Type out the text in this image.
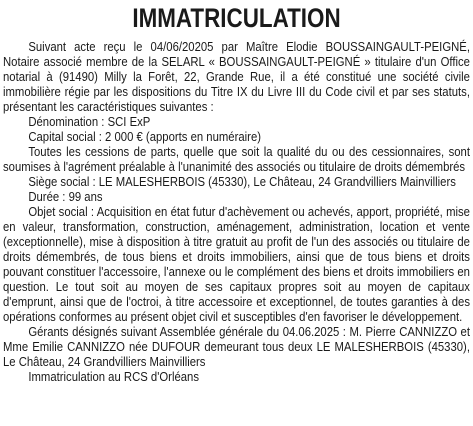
IMMATRICULATION

Suivant acte reçu le 04/06/20205 par Maître Elodie BOUSSAINGAULT-PEIGNÉ, Notaire associé membre de la SELARL « BOUSSAINGAULT-PEIGNÉ » titulaire d'un Office notarial à (91490) Milly la Forêt, 22, Grande Rue, il a été constitué une société civile immobilière régie par les dispositions du Titre IX du Livre III du Code civil et par ses statuts, présentant les caractéristiques suivantes :

Dénomination : SCI ExP

Capital social : 2 000 € (apports en numéraire)

Toutes les cessions de parts, quelle que soit la qualité du ou des cessionnaires, sont soumises à l'agrément préalable à l'unanimité des associés ou titulaire de droits démembrés

Siège social : LE MALESHERBOIS (45330), Le Château, 24 Grandvilliers Mainvilliers

Durée : 99 ans

Objet social : Acquisition en état futur d'achèvement ou achevés, apport, propriété, mise en valeur, transformation, construction, aménagement, administration, location et vente (exceptionnelle), mise à disposition à titre gratuit au profit de l'un des associés ou titulaire de droits démembrés, de tous biens et droits immobiliers, ainsi que de tous biens et droits pouvant constituer l'accessoire, l'annexe ou le complément des biens et droits immobiliers en question. Le tout soit au moyen de ses capitaux propres soit au moyen de capitaux d'emprunt, ainsi que de l'octroi, à titre accessoire et exceptionnel, de toutes garanties à des opérations conformes au présent objet civil et susceptibles d'en favoriser le développement.

Gérants désignés suivant Assemblée générale du 04.06.2025 : M. Pierre CANNIZZO et Mme Emilie CANNIZZO née DUFOUR demeurant tous deux LE MALESHERBOIS (45330), Le Château, 24 Grandvilliers Mainvilliers

Immatriculation au RCS d'Orléans
